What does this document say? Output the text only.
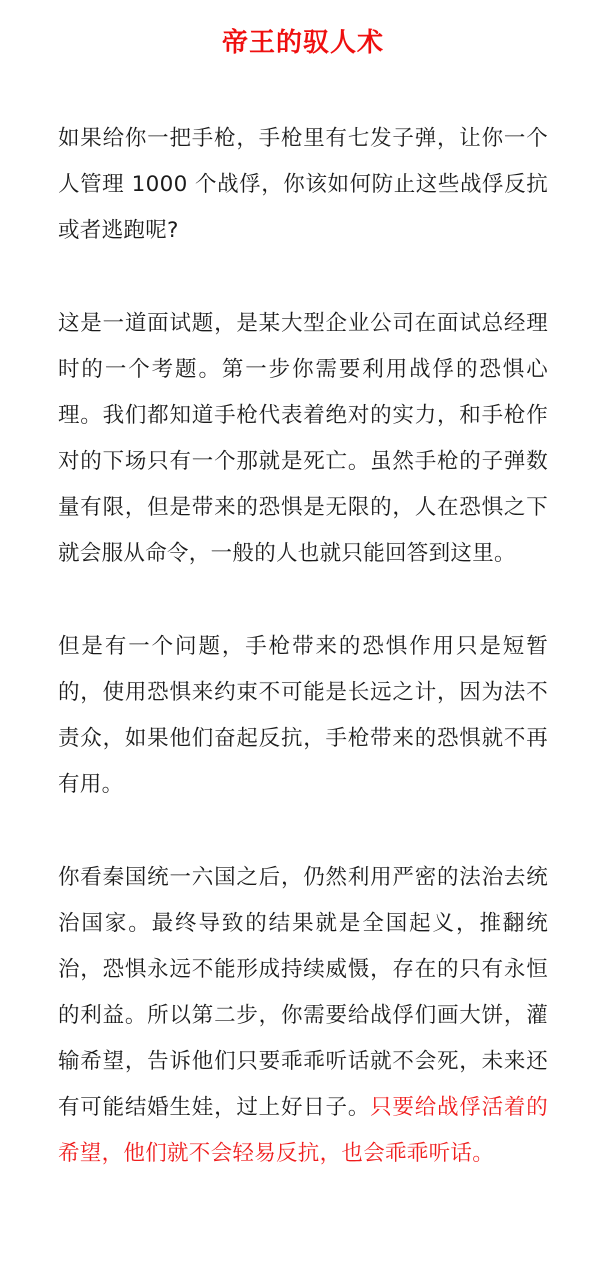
帝王的驭人术

如果给你一把手枪，手枪里有七发子弹，让你一个人管理 1000 个战俘，你该如何防止这些战俘反抗或者逃跑呢?

这是一道面试题，是某大型企业公司在面试总经理时的一个考题。第一步你需要利用战俘的恐惧心理。我们都知道手枪代表着绝对的实力，和手枪作对的下场只有一个那就是死亡。虽然手枪的子弹数量有限，但是带来的恐惧是无限的，人在恐惧之下就会服从命令，一般的人也就只能回答到这里。

但是有一个问题，手枪带来的恐惧作用只是短暂的，使用恐惧来约束不可能是长远之计，因为法不责众，如果他们奋起反抗，手枪带来的恐惧就不再有用。

你看秦国统一六国之后，仍然利用严密的法治去统治国家。最终导致的结果就是全国起义，推翻统治，恐惧永远不能形成持续威慑，存在的只有永恒的利益。所以第二步，你需要给战俘们画大饼，灌输希望，告诉他们只要乖乖听话就不会死，未来还有可能结婚生娃，过上好日子。只要给战俘活着的希望，他们就不会轻易反抗，也会乖乖听话。
